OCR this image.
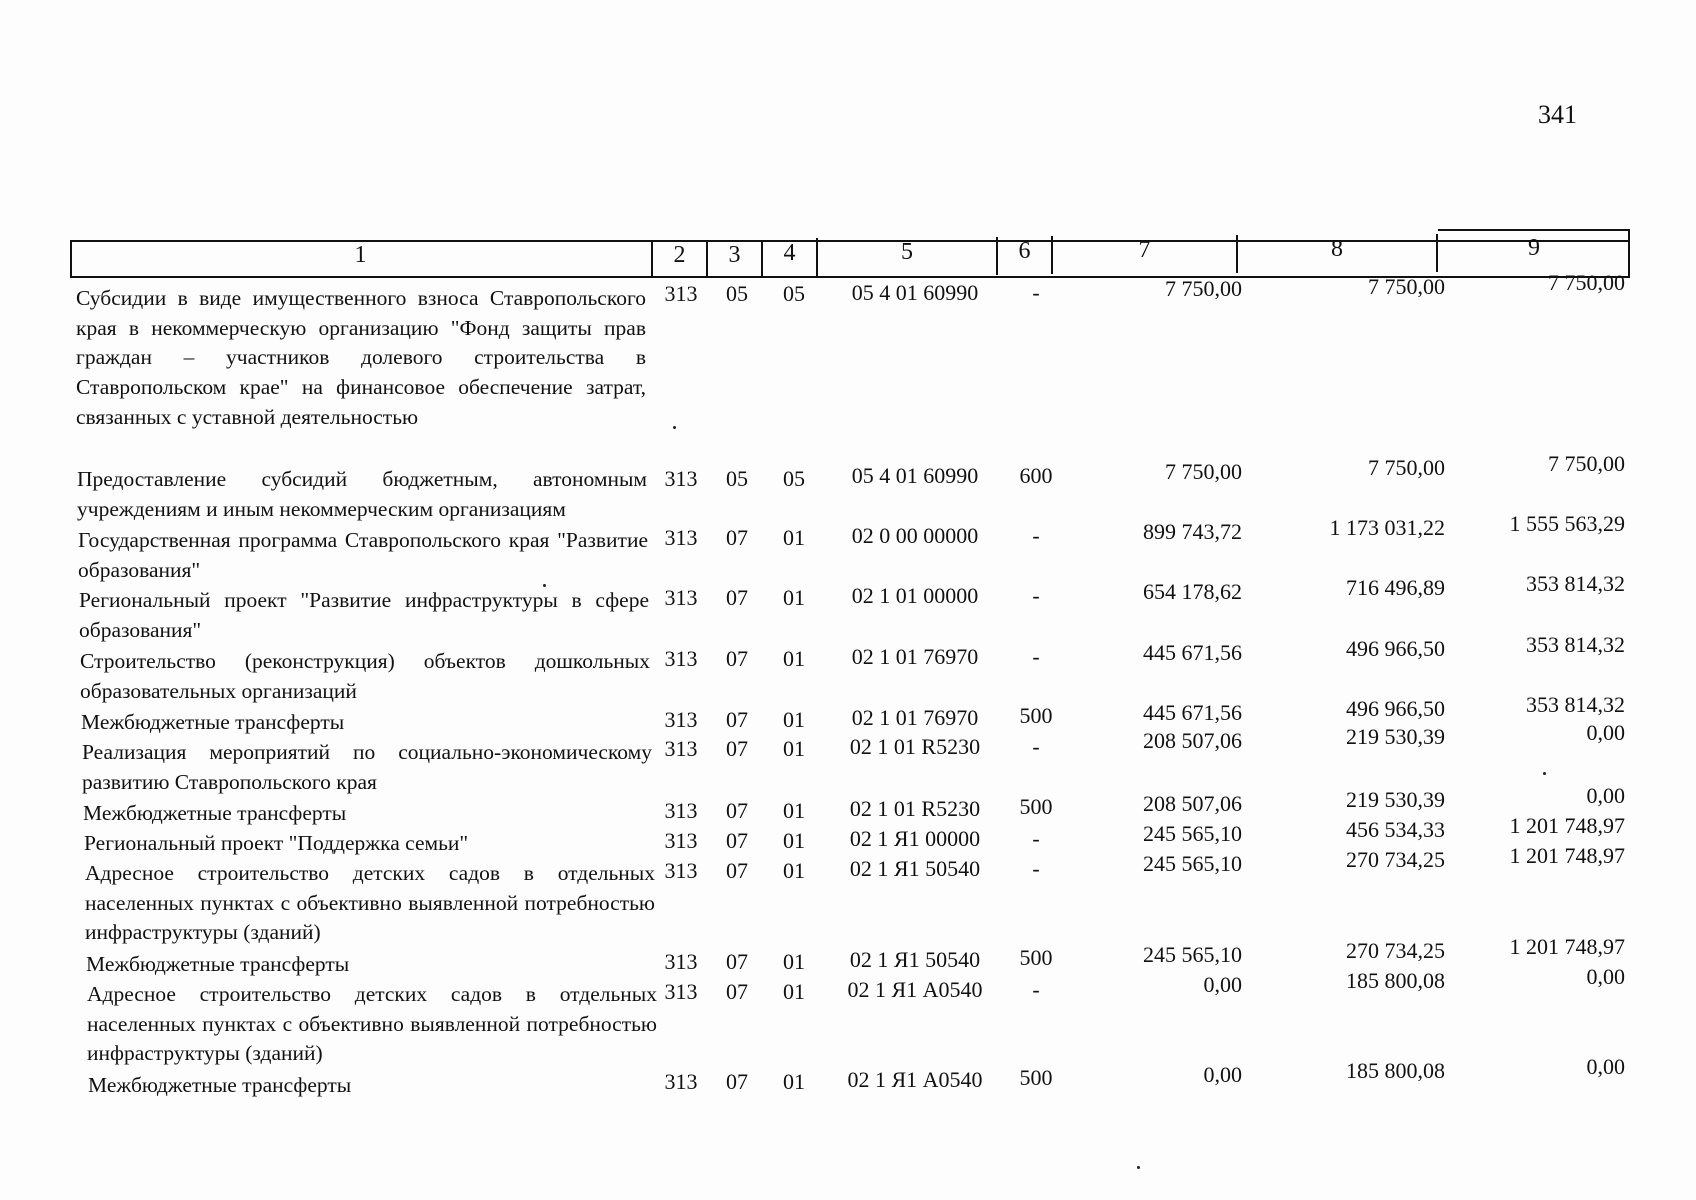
341
1	2	3	4	5	6	7	8	9
Субсидии в виде имущественного взноса Ставропольского края в некоммерческую организацию "Фонд защиты прав граждан – участников долевого строительства в Ставропольском крае" на финансовое обеспечение затрат, связанных с уставной деятельностью
313	05	05	05 4 01 60990	-	7 750,00	7 750,00	7 750,00
Предоставление субсидий бюджетным, автономным учреждениям и иным некоммерческим организациям
313	05	05	05 4 01 60990	600	7 750,00	7 750,00	7 750,00
Государственная программа Ставропольского края "Развитие образования"
313	07	01	02 0 00 00000	-	899 743,72	1 173 031,22	1 555 563,29
Региональный проект "Развитие инфраструктуры в сфере образования"
313	07	01	02 1 01 00000	-	654 178,62	716 496,89	353 814,32
Строительство (реконструкция) объектов дошкольных образовательных организаций
313	07	01	02 1 01 76970	-	445 671,56	496 966,50	353 814,32
Межбюджетные трансферты	313	07	01	02 1 01 76970	500	445 671,56	496 966,50	353 814,32
Реализация мероприятий по социально-экономическому развитию Ставропольского края
313	07	01	02 1 01 R5230	-	208 507,06	219 530,39	0,00
Межбюджетные трансферты	313	07	01	02 1 01 R5230	500	208 507,06	219 530,39	0,00
Региональный проект "Поддержка семьи"	313	07	01	02 1 Я1 00000	-	245 565,10	456 534,33	1 201 748,97
Адресное строительство детских садов в отдельных населенных пунктах с объективно выявленной потребностью инфраструктуры (зданий)
313	07	01	02 1 Я1 50540	-	245 565,10	270 734,25	1 201 748,97
Межбюджетные трансферты	313	07	01	02 1 Я1 50540	500	245 565,10	270 734,25	1 201 748,97
Адресное строительство детских садов в отдельных населенных пунктах с объективно выявленной потребностью инфраструктуры (зданий)
313	07	01	02 1 Я1 А0540	-	0,00	185 800,08	0,00
Межбюджетные трансферты	313	07	01	02 1 Я1 А0540	500	0,00	185 800,08	0,00
